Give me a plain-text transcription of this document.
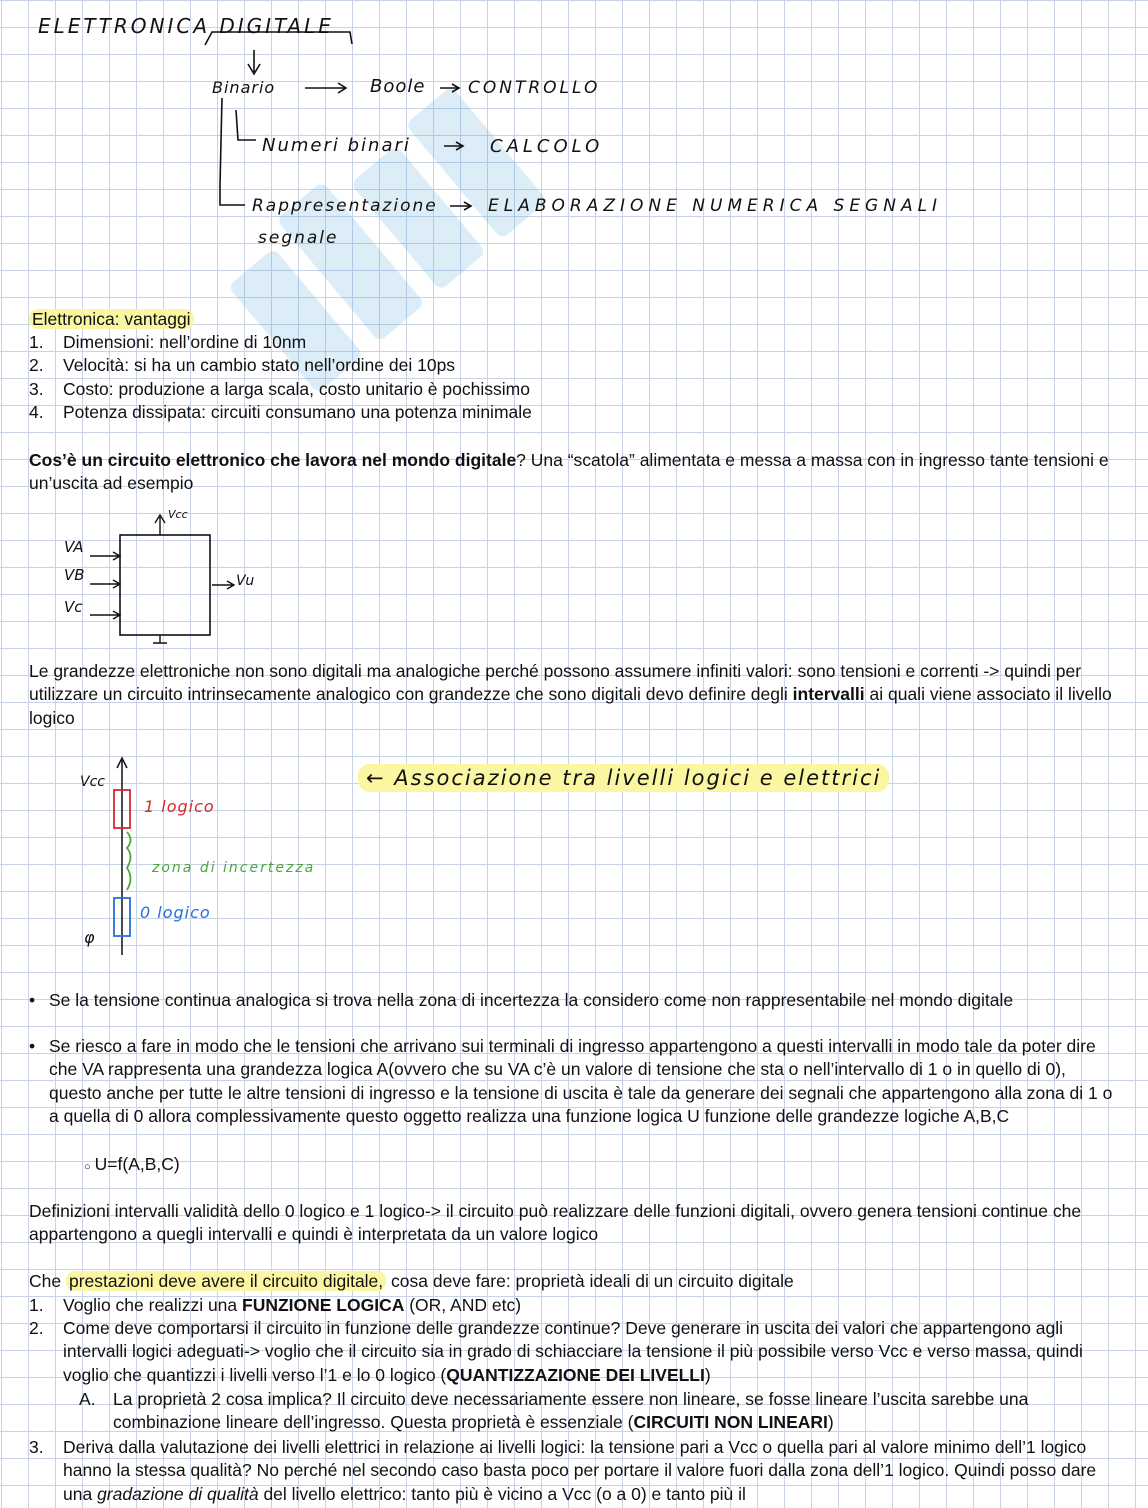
ELETTRONICA DIGITALE
Binario	Boole	CONTROLLO
Numeri binari	CALCOLO
Rappresentazione
segnale
ELABORAZIONE NUMERICA SEGNALI
Elettronica: vantaggi
1. Dimensioni: nell’ordine di 10nm
2. Velocità: si ha un cambio stato nell’ordine dei 10ps
3. Costo: produzione a larga scala, costo unitario è pochissimo
4. Potenza dissipata: circuiti consumano una potenza minimale
Cos’è un circuito elettronico che lavora nel mondo digitale? Una “scatola” alimentata e messa a massa con in ingresso tante tensioni e un’uscita ad esempio
Vcc
VA
VB
Vc
Vu
Le grandezze elettroniche non sono digitali ma analogiche perché possono assumere infiniti valori: sono tensioni e correnti -> quindi per utilizzare un circuito intrinsecamente analogico con grandezze che sono digitali devo definire degli intervalli ai quali viene associato il livello logico
Vcc
φ
1 logico
zona di incertezza
0 logico
← Associazione tra livelli logici e elettrici
• Se la tensione continua analogica si trova nella zona di incertezza la considero come non rappresentabile nel mondo digitale
• Se riesco a fare in modo che le tensioni che arrivano sui terminali di ingresso appartengono a questi intervalli in modo tale da poter dire che VA rappresenta una grandezza logica A(ovvero che su VA c’è un valore di tensione che sta o nell’intervallo di 1 o in quello di 0), questo anche per tutte le altre tensioni di ingresso e la tensione di uscita è tale da generare dei segnali che appartengono alla zona di 1 o a quella di 0 allora complessivamente questo oggetto realizza una funzione logica U funzione delle grandezze logiche A,B,C
○ U=f(A,B,C)
Definizioni intervalli validità dello 0 logico e 1 logico-> il circuito può realizzare delle funzioni digitali, ovvero genera tensioni continue che appartengono a quegli intervalli e quindi è interpretata da un valore logico
Che prestazioni deve avere il circuito digitale, cosa deve fare: proprietà ideali di un circuito digitale
1. Voglio che realizzi una FUNZIONE LOGICA (OR, AND etc)
2. Come deve comportarsi il circuito in funzione delle grandezze continue? Deve generare in uscita dei valori che appartengono agli intervalli logici adeguati-> voglio che il circuito sia in grado di schiacciare la tensione il più possibile verso Vcc e verso massa, quindi voglio che quantizzi i livelli verso l’1 e lo 0 logico (QUANTIZZAZIONE DEI LIVELLI)
A. La proprietà 2 cosa implica? Il circuito deve necessariamente essere non lineare, se fosse lineare l’uscita sarebbe una combinazione lineare dell’ingresso. Questa proprietà è essenziale (CIRCUITI NON LINEARI)
3. Deriva dalla valutazione dei livelli elettrici in relazione ai livelli logici: la tensione pari a Vcc o quella pari al valore minimo dell’1 logico hanno la stessa qualità? No perché nel secondo caso basta poco per portare il valore fuori dalla zona dell’1 logico. Quindi posso dare una gradazione di qualità del livello elettrico: tanto più è vicino a Vcc (o a 0) e tanto più il
